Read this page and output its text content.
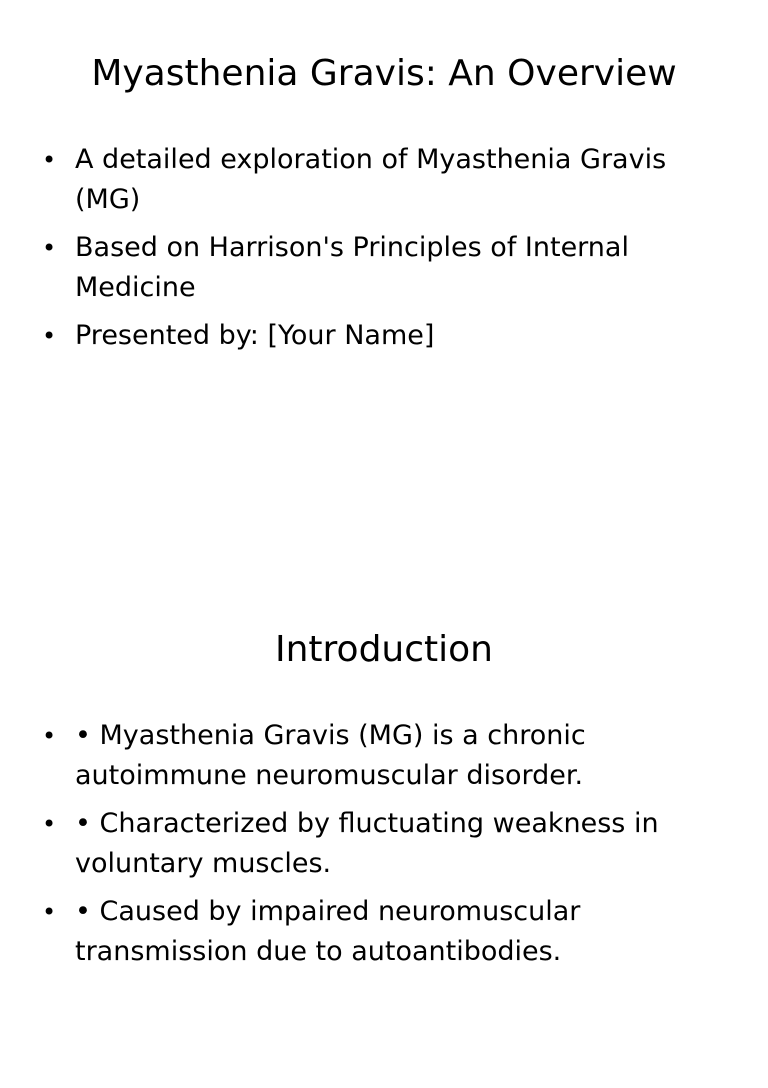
Myasthenia Gravis: An Overview
• A detailed exploration of Myasthenia Gravis (MG)
• Based on Harrison's Principles of Internal Medicine
• Presented by: [Your Name]
Introduction
• • Myasthenia Gravis (MG) is a chronic autoimmune neuromuscular disorder.
• • Characterized by fluctuating weakness in voluntary muscles.
• • Caused by impaired neuromuscular transmission due to autoantibodies.
